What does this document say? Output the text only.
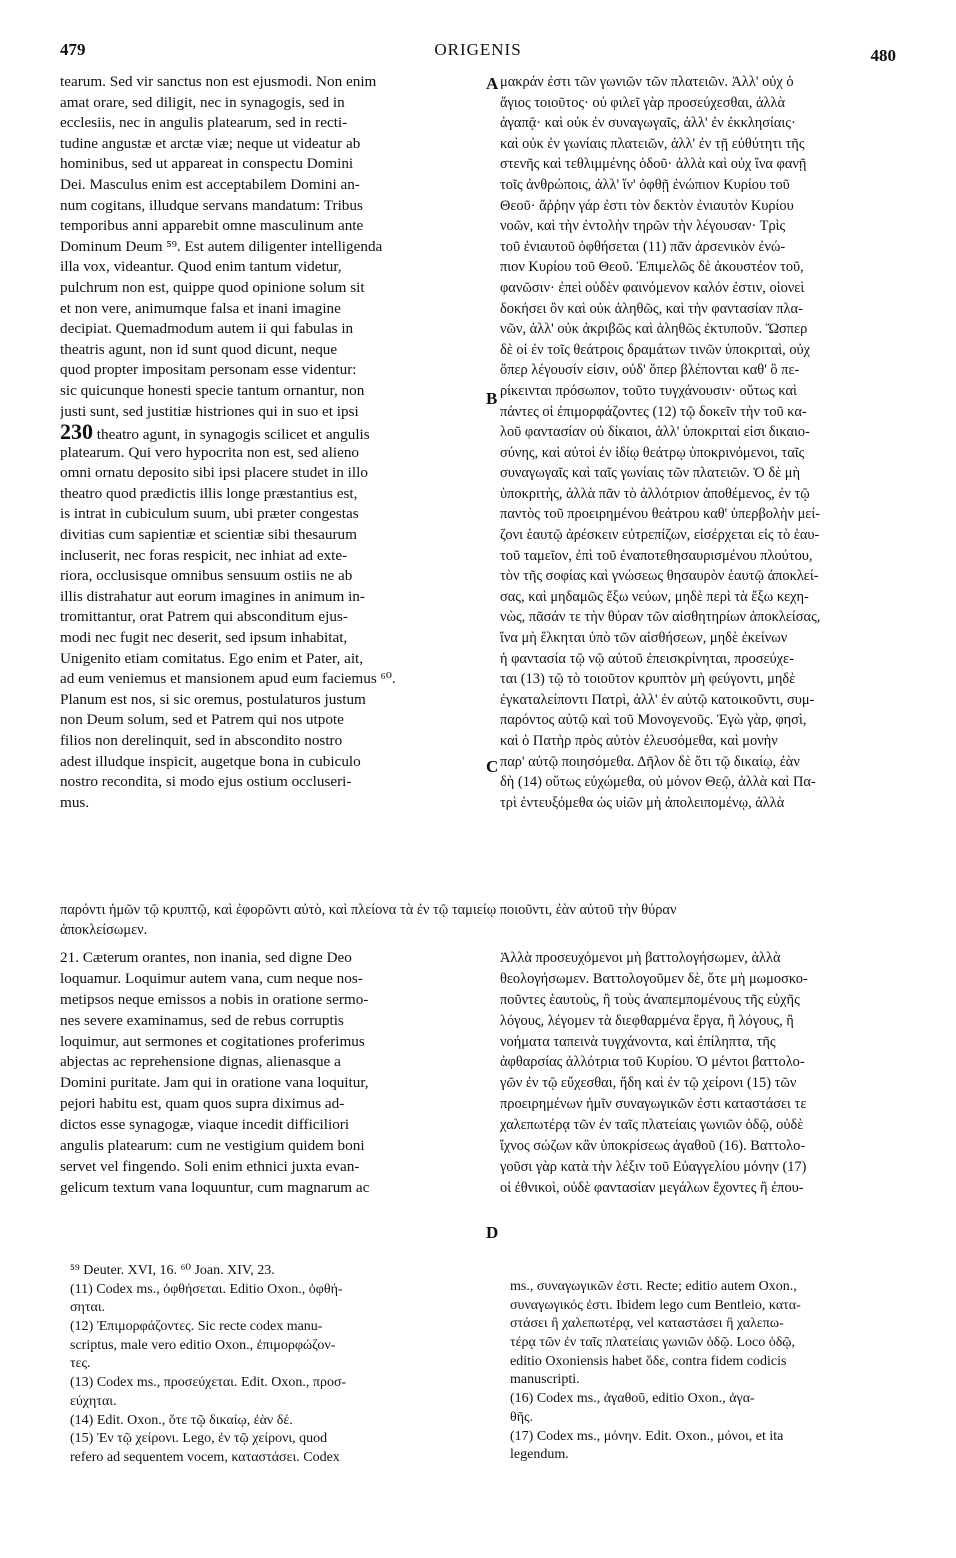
479	ORIGENIS	480
tearum. Sed vir sanctus non est ejusmodi. Non enim
amat orare, sed diligit, nec in synagogis, sed in
ecclesiis, nec in angulis platearum, sed in recti-
tudine angustæ et arctæ viæ; neque ut videatur ab
hominibus, sed ut appareat in conspectu Domini
Dei. Masculus enim est acceptabilem Domini an-
num cogitans, illudque servans mandatum: Tribus
temporibus anni apparebit omne masculinum ante
Dominum Deum ⁵⁹. Est autem diligenter intelligenda
illa vox, videantur. Quod enim tantum videtur,
pulchrum non est, quippe quod opinione solum sit
et non vere, animumque falsa et inani imagine
decipiat. Quemadmodum autem ii qui fabulas in
theatris agunt, non id sunt quod dicunt, neque
quod propter impositam personam esse videntur:
sic quicunque honesti specie tantum ornantur, non
justi sunt, sed justitiæ histriones qui in suo et ipsi
230 theatro agunt, in synagogis scilicet et angulis
platearum. Qui vero hypocrita non est, sed alieno
omni ornatu deposito sibi ipsi placere studet in illo
theatro quod prædictis illis longe præstantius est,
is intrat in cubiculum suum, ubi præter congestas
divitias cum sapientiæ et scientiæ sibi thesaurum
incluserit, nec foras respicit, nec inhiat ad exte-
riora, occlusisque omnibus sensuum ostiis ne ab
illis distrahatur aut eorum imagines in animum in-
tromittantur, orat Patrem qui absconditum ejus-
modi nec fugit nec deserit, sed ipsum inhabitat,
Unigenito etiam comitatus. Ego enim et Pater, ait,
ad eum veniemus et mansionem apud eum faciemus ⁶⁰.
Planum est nos, si sic oremus, postulaturos justum
non Deum solum, sed et Patrem qui nos utpote
filios non derelinquit, sed in abscondito nostro
adest illudque inspicit, augetque bona in cubiculo
nostro recondita, si modo ejus ostium occluseri-
mus.
μακράν ἐστι τῶν γωνιῶν τῶν πλατειῶν. Ἀλλ' οὐχ ὁ
ἅγιος τοιοῦτος· οὐ φιλεῖ γὰρ προσεύχεσθαι, ἀλλὰ
ἀγαπᾷ· καὶ οὐκ ἐν συναγωγαῖς, ἀλλ' ἐν ἐκκλησίαις·
καὶ οὐκ ἐν γωνίαις πλατειῶν, ἀλλ' ἐν τῇ εὐθύτητι τῆς
στενῆς καὶ τεθλιμμένης ὁδοῦ· ἀλλὰ καὶ οὐχ ἵνα φανῇ
τοῖς ἀνθρώποις, ἀλλ' ἵν' ὀφθῇ ἐνώπιον Κυρίου τοῦ
Θεοῦ· ἄῤῥην γάρ ἐστι τὸν δεκτὸν ἐνιαυτὸν Κυρίου
νοῶν, καὶ τὴν ἐντολὴν τηρῶν τὴν λέγουσαν· Τρὶς
τοῦ ἐνιαυτοῦ ὀφθήσεται (11) πᾶν ἀρσενικὸν ἐνώ-
πιον Κυρίου τοῦ Θεοῦ. Ἐπιμελῶς δὲ ἀκουστέον τοῦ,
φανῶσιν· ἐπεὶ οὐδὲν φαινόμενον καλόν ἐστιν, οἱονεὶ
δοκήσει ὂν καὶ οὐκ ἀληθῶς, καὶ τὴν φαντασίαν πλα-
νῶν, ἀλλ' οὐκ ἀκριβῶς καὶ ἀληθῶς ἐκτυποῦν. Ὥσπερ
δὲ οἱ ἐν τοῖς θεάτροις δραμάτων τινῶν ὑποκριταὶ, οὐχ
ὅπερ λέγουσίν εἰσιν, οὐδ' ὅπερ βλέπονται καθ' ὃ πε-
ρίκεινται πρόσωπον, τοῦτο τυγχάνουσιν· οὕτως καὶ
πάντες οἱ ἐπιμορφάζοντες (12) τῷ δοκεῖν τὴν τοῦ κα-
λοῦ φαντασίαν οὐ δίκαιοι, ἀλλ' ὑποκριταί εἰσι δικαιο-
σύνης, καὶ αὐτοὶ ἐν ἰδίῳ θεάτρῳ ὑποκρινόμενοι, ταῖς
συναγωγαῖς καὶ ταῖς γωνίαις τῶν πλατειῶν. Ὁ δὲ μὴ
ὑποκριτὴς, ἀλλὰ πᾶν τὸ ἀλλότριον ἀποθέμενος, ἐν τῷ
παντὸς τοῦ προειρημένου θεάτρου καθ' ὑπερβολὴν μεί-
ζονι ἑαυτῷ ἀρέσκειν εὐτρεπίζων, εἰσέρχεται εἰς τὸ ἑαυ-
τοῦ ταμεῖον, ἐπὶ τοῦ ἐναποτεθησαυρισμένου πλούτου,
τὸν τῆς σοφίας καὶ γνώσεως θησαυρὸν ἑαυτῷ ἀποκλεί-
σας, καὶ μηδαμῶς ἔξω νεύων, μηδὲ περὶ τὰ ἔξω κεχη-
νὼς, πᾶσάν τε τὴν θύραν τῶν αἰσθητηρίων ἀποκλείσας,
ἵνα μὴ ἕλκηται ὑπὸ τῶν αἰσθήσεων, μηδὲ ἐκείνων
ἡ φαντασία τῷ νῷ αὐτοῦ ἐπεισκρίνηται, προσεύχε-
ται (13) τῷ τὸ τοιοῦτον κρυπτὸν μὴ φεύγοντι, μηδὲ
ἐγκαταλείποντι Πατρὶ, ἀλλ' ἐν αὐτῷ κατοικοῦντι, συμ-
παρόντος αὐτῷ καὶ τοῦ Μονογενοῦς. Ἐγὼ γὰρ, φησὶ,
καὶ ὁ Πατὴρ πρὸς αὐτὸν ἐλευσόμεθα, καὶ μονὴν
παρ' αὐτῷ ποιησόμεθα. Δῆλον δὲ ὅτι τῷ δικαίῳ, ἐὰν
δὴ (14) οὕτως εὐχώμεθα, οὐ μόνον Θεῷ, ἀλλὰ καὶ Πα-
τρὶ ἐντευξόμεθα ὡς υἱῶν μὴ ἀπολειπομένῳ, ἀλλὰ
A
B
C
D
παρόντι ἡμῶν τῷ κρυπτῷ, καὶ ἐφορῶντι αὐτὸ, καὶ πλείονα τὰ ἐν τῷ ταμιείῳ ποιοῦντι, ἐὰν αὐτοῦ τὴν θύραν
ἀποκλείσωμεν.
21. Cæterum orantes, non inania, sed digne Deo
loquamur. Loquimur autem vana, cum neque nos-
metipsos neque emissos a nobis in oratione sermo-
nes severe examinamus, sed de rebus corruptis
loquimur, aut sermones et cogitationes proferimus
abjectas ac reprehensione dignas, alienasque a
Domini puritate. Jam qui in oratione vana loquitur,
pejori habitu est, quam quos supra diximus ad-
dictos esse synagogæ, viaque incedit difficiliori
angulis platearum: cum ne vestigium quidem boni
servet vel fingendo. Soli enim ethnici juxta evan-
gelicum textum vana loquuntur, cum magnarum ac
Ἀλλὰ προσευχόμενοι μὴ βαττολογήσωμεν, ἀλλὰ
θεολογήσωμεν. Βαττολογοῦμεν δὲ, ὅτε μὴ μωμοσκο-
ποῦντες ἑαυτοὺς, ἢ τοὺς ἀναπεμπομένους τῆς εὐχῆς
λόγους, λέγομεν τὰ διεφθαρμένα ἔργα, ἢ λόγους, ἢ
νοήματα ταπεινὰ τυγχάνοντα, καὶ ἐπίληπτα, τῆς
ἀφθαρσίας ἀλλότρια τοῦ Κυρίου. Ὁ μέντοι βαττολο-
γῶν ἐν τῷ εὔχεσθαι, ἤδη καὶ ἐν τῷ χείρονι (15) τῶν
προειρημένων ἡμῖν συναγωγικῶν ἐστι καταστάσει τε
χαλεπωτέρᾳ τῶν ἐν ταῖς πλατείαις γωνιῶν ὁδῷ, οὐδὲ
ἴχνος σώζων κἂν ὑποκρίσεως ἀγαθοῦ (16). Βαττολο-
γοῦσι γὰρ κατὰ τὴν λέξιν τοῦ Εὐαγγελίου μόνην (17)
οἱ ἐθνικοὶ, οὐδὲ φαντασίαν μεγάλων ἔχοντες ἢ ἐπου-
⁵⁹ Deuter. XVI, 16. ⁶⁰ Joan. XIV, 23.
(11) Codex ms., ὀφθήσεται. Editio Oxon., ὀφθή-
σηται.
(12) Ἐπιμορφάζοντες. Sic recte codex manu-
scriptus, male vero editio Oxon., ἐπιμορφώζον-
τες.
(13) Codex ms., προσεύχεται. Edit. Oxon., προσ-
εύχηται.
(14) Edit. Oxon., ὅτε τῷ δικαίῳ, ἐὰν δέ.
(15) Ἐν τῷ χείρονι. Lego, ἐν τῷ χείρονι, quod
refero ad sequentem vocem, καταστάσει. Codex
ms., συναγωγικῶν ἐστι. Recte; editio autem Oxon.,
συναγωγικός ἐστι. Ibidem lego cum Bentleio, κατα-
στάσει ἢ χαλεπωτέρᾳ, vel καταστάσει ἢ χαλεπω-
τέρᾳ τῶν ἐν ταῖς πλατείαις γωνιῶν ὁδῷ. Loco ὁδῷ,
editio Oxoniensis habet ὅδε, contra fidem codicis
manuscripti.
(16) Codex ms., ἀγαθοῦ, editio Oxon., ἀγα-
θῆς.
(17) Codex ms., μόνην. Edit. Oxon., μόνοι, et ita
legendum.
